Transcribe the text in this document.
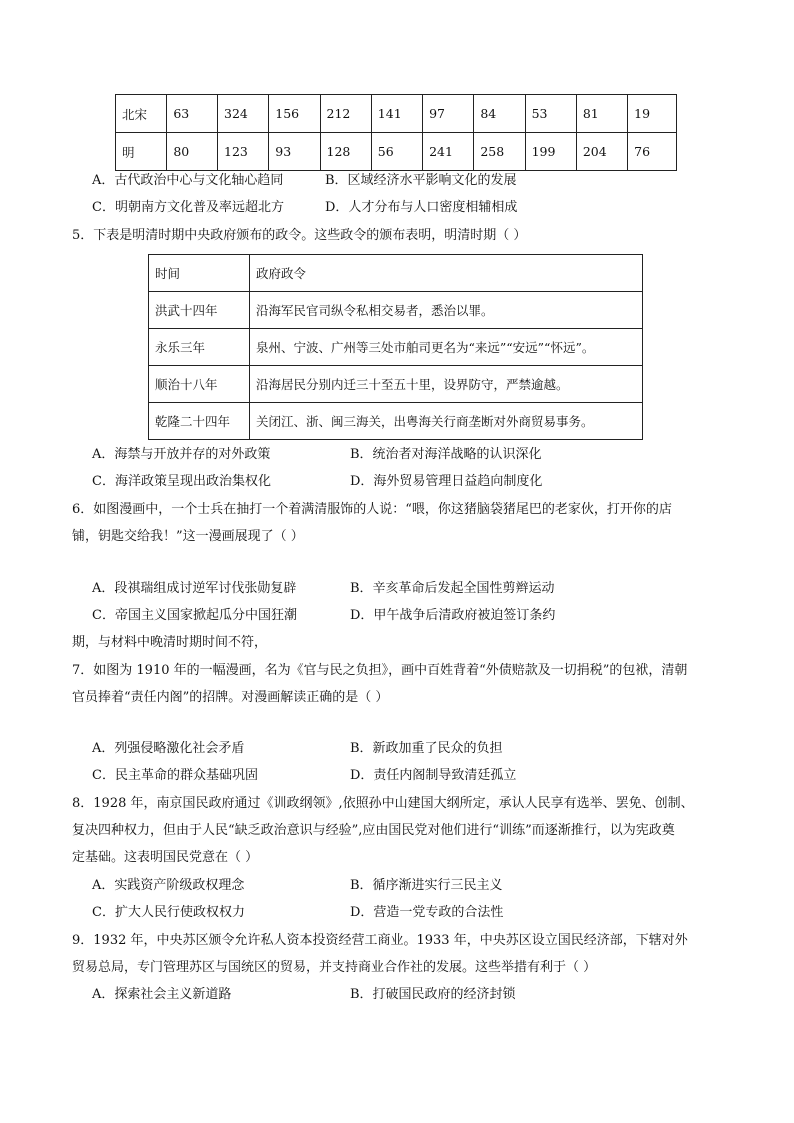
北宋	63	324	156	212	141	97	84	53	81	19
明	80	123	93	128	56	241	258	199	204	76
A．古代政治中心与文化轴心趋同	B．区域经济水平影响文化的发展
C．明朝南方文化普及率远超北方	D．人才分布与人口密度相辅相成
5．下表是明清时期中央政府颁布的政令。这些政令的颁布表明，明清时期（ ）
时间	政府政令
洪武十四年	沿海军民官司纵令私相交易者，悉治以罪。
永乐三年	泉州、宁波、广州等三处市舶司更名为“来远”“安远”“怀远”。
顺治十八年	沿海居民分别内迁三十至五十里，设界防守，严禁逾越。
乾隆二十四年	关闭江、浙、闽三海关，出粤海关行商垄断对外商贸易事务。
A．海禁与开放并存的对外政策	B．统治者对海洋战略的认识深化
C．海洋政策呈现出政治集权化	D．海外贸易管理日益趋向制度化
6．如图漫画中，一个士兵在抽打一个着满清服饰的人说：“喂，你这猪脑袋猪尾巴的老家伙，打开你的店
铺，钥匙交给我！”这一漫画展现了（ ）
A．段祺瑞组成讨逆军讨伐张勋复辟	B．辛亥革命后发起全国性剪辫运动
C．帝国主义国家掀起瓜分中国狂潮	D．甲午战争后清政府被迫签订条约
期，与材料中晚清时期时间不符，
7．如图为 1910 年的一幅漫画，名为《官与民之负担》，画中百姓背着“外债赔款及一切捐税”的包袱，清朝
官员捧着“责任内阁”的招牌。对漫画解读正确的是（ ）
A．列强侵略激化社会矛盾	B．新政加重了民众的负担
C．民主革命的群众基础巩固	D．责任内阁制导致清廷孤立
8．1928 年，南京国民政府通过《训政纲领》,依照孙中山建国大纲所定，承认人民享有选举、罢免、创制、
复决四种权力，但由于人民“缺乏政治意识与经验”,应由国民党对他们进行“训练”而逐渐推行，以为宪政奠
定基础。这表明国民党意在（ ）
A．实践资产阶级政权理念	B．循序渐进实行三民主义
C．扩大人民行使政权权力	D．营造一党专政的合法性
9．1932 年，中央苏区颁令允许私人资本投资经营工商业。1933 年，中央苏区设立国民经济部，下辖对外
贸易总局，专门管理苏区与国统区的贸易，并支持商业合作社的发展。这些举措有利于（ ）
A．探索社会主义新道路	B．打破国民政府的经济封锁
